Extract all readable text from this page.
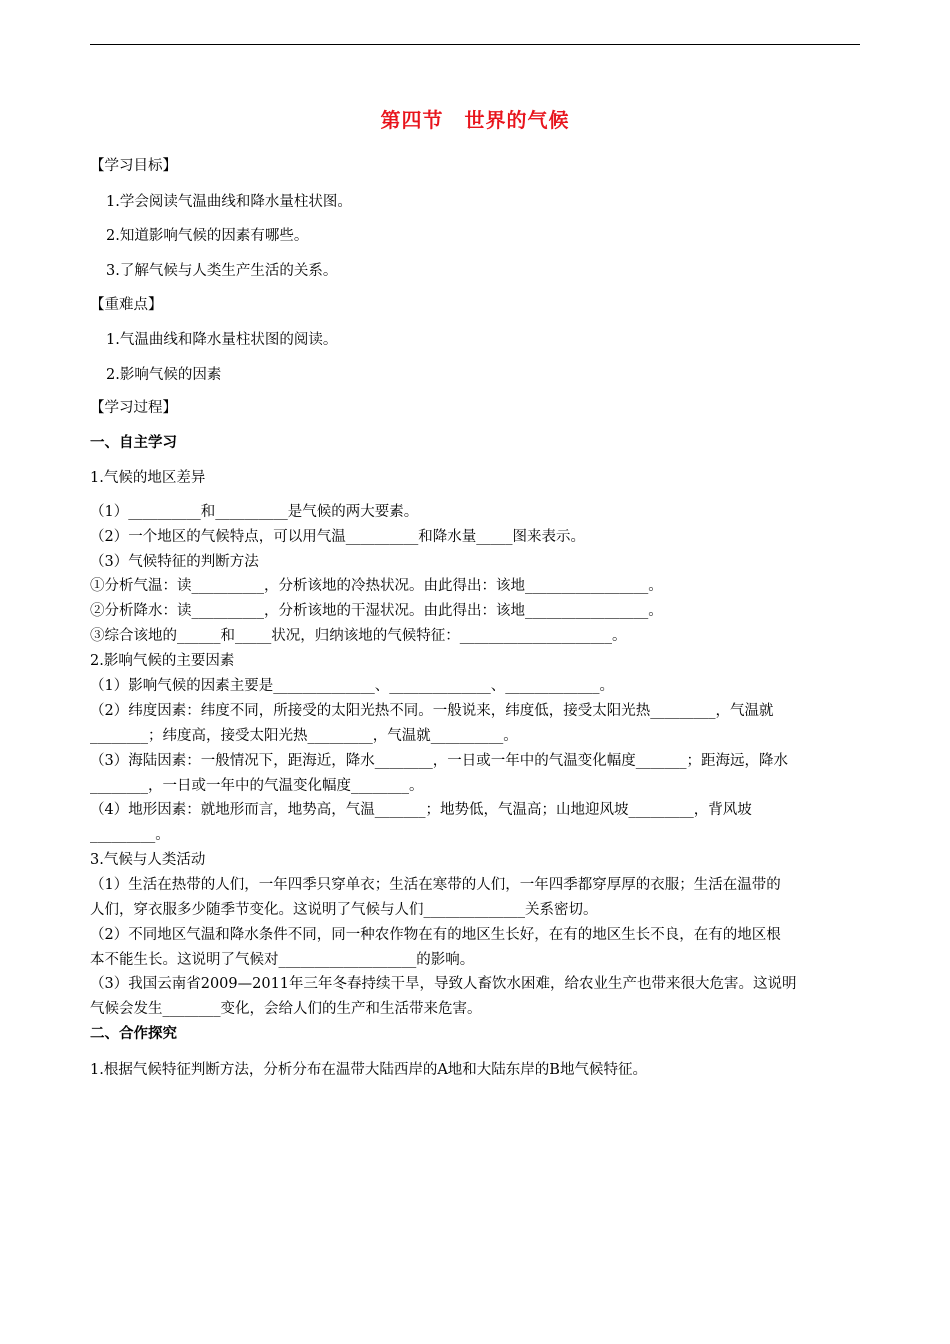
第四节　世界的气候
【学习目标】
1.学会阅读气温曲线和降水量柱状图。
2.知道影响气候的因素有哪些。
3.了解气候与人类生产生活的关系。
【重难点】
1.气温曲线和降水量柱状图的阅读。
2.影响气候的因素
【学习过程】
一、自主学习
1.气候的地区差异
（1）__________和__________是气候的两大要素。
（2）一个地区的气候特点，可以用气温__________和降水量_____图来表示。
（3）气候特征的判断方法
①分析气温：读__________，分析该地的冷热状况。由此得出：该地_________________。
②分析降水：读__________，分析该地的干湿状况。由此得出：该地_________________。
③综合该地的______和_____状况，归纳该地的气候特征：_____________________。
2.影响气候的主要因素
（1）影响气候的因素主要是______________、______________、_____________。
（2）纬度因素：纬度不同，所接受的太阳光热不同。一般说来，纬度低，接受太阳光热_________，气温就
________；纬度高，接受太阳光热_________，气温就__________。
（3）海陆因素：一般情况下，距海近，降水________，一日或一年中的气温变化幅度_______；距海远，降水
________，一日或一年中的气温变化幅度________。
（4）地形因素：就地形而言，地势高，气温_______；地势低，气温高；山地迎风坡_________，背风坡
_________。
3.气候与人类活动
（1）生活在热带的人们，一年四季只穿单衣；生活在寒带的人们，一年四季都穿厚厚的衣服；生活在温带的
人们，穿衣服多少随季节变化。这说明了气候与人们______________关系密切。
（2）不同地区气温和降水条件不同，同一种农作物在有的地区生长好，在有的地区生长不良，在有的地区根
本不能生长。这说明了气候对___________________的影响。
（3）我国云南省2009—2011年三年冬春持续干旱，导致人畜饮水困难，给农业生产也带来很大危害。这说明
气候会发生________变化，会给人们的生产和生活带来危害。
二、合作探究
1.根据气候特征判断方法，分析分布在温带大陆西岸的A地和大陆东岸的B地气候特征。
